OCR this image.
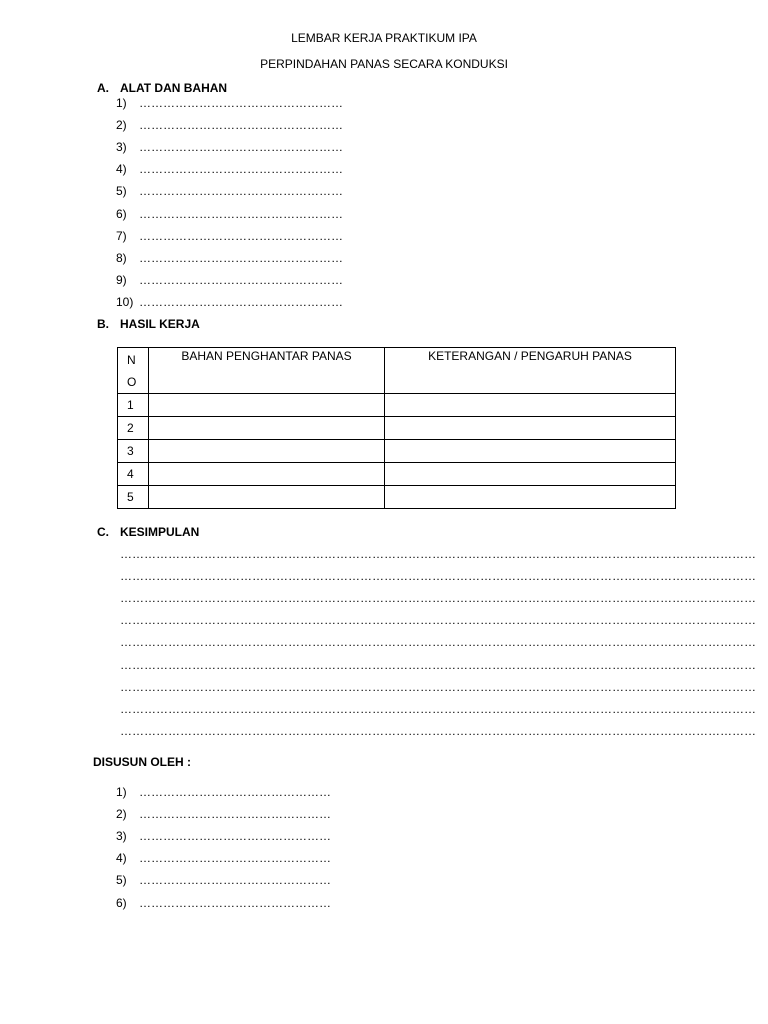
LEMBAR KERJA PRAKTIKUM IPA
PERPINDAHAN PANAS SECARA KONDUKSI
A. ALAT DAN BAHAN
1) ……………………………………………
2) ……………………………………………
3) ……………………………………………
4) ……………………………………………
5) ……………………………………………
6) ……………………………………………
7) ……………………………………………
8) ……………………………………………
9) ……………………………………………
10) ……………………………………………
B. HASIL KERJA
N
O	BAHAN PENGHANTAR PANAS	KETERANGAN / PENGARUH PANAS
1		
2		
3		
4		
5		
C. KESIMPULAN
……………………………………………………………………………………………………………………………………………
……………………………………………………………………………………………………………………………………………
……………………………………………………………………………………………………………………………………………
……………………………………………………………………………………………………………………………………………
……………………………………………………………………………………………………………………………………………
……………………………………………………………………………………………………………………………………………
……………………………………………………………………………………………………………………………………………
……………………………………………………………………………………………………………………………………………
……………………………………………………………………………………………………………………………………………
DISUSUN OLEH :
1) …………………………………………
2) …………………………………………
3) …………………………………………
4) …………………………………………
5) …………………………………………
6) …………………………………………
